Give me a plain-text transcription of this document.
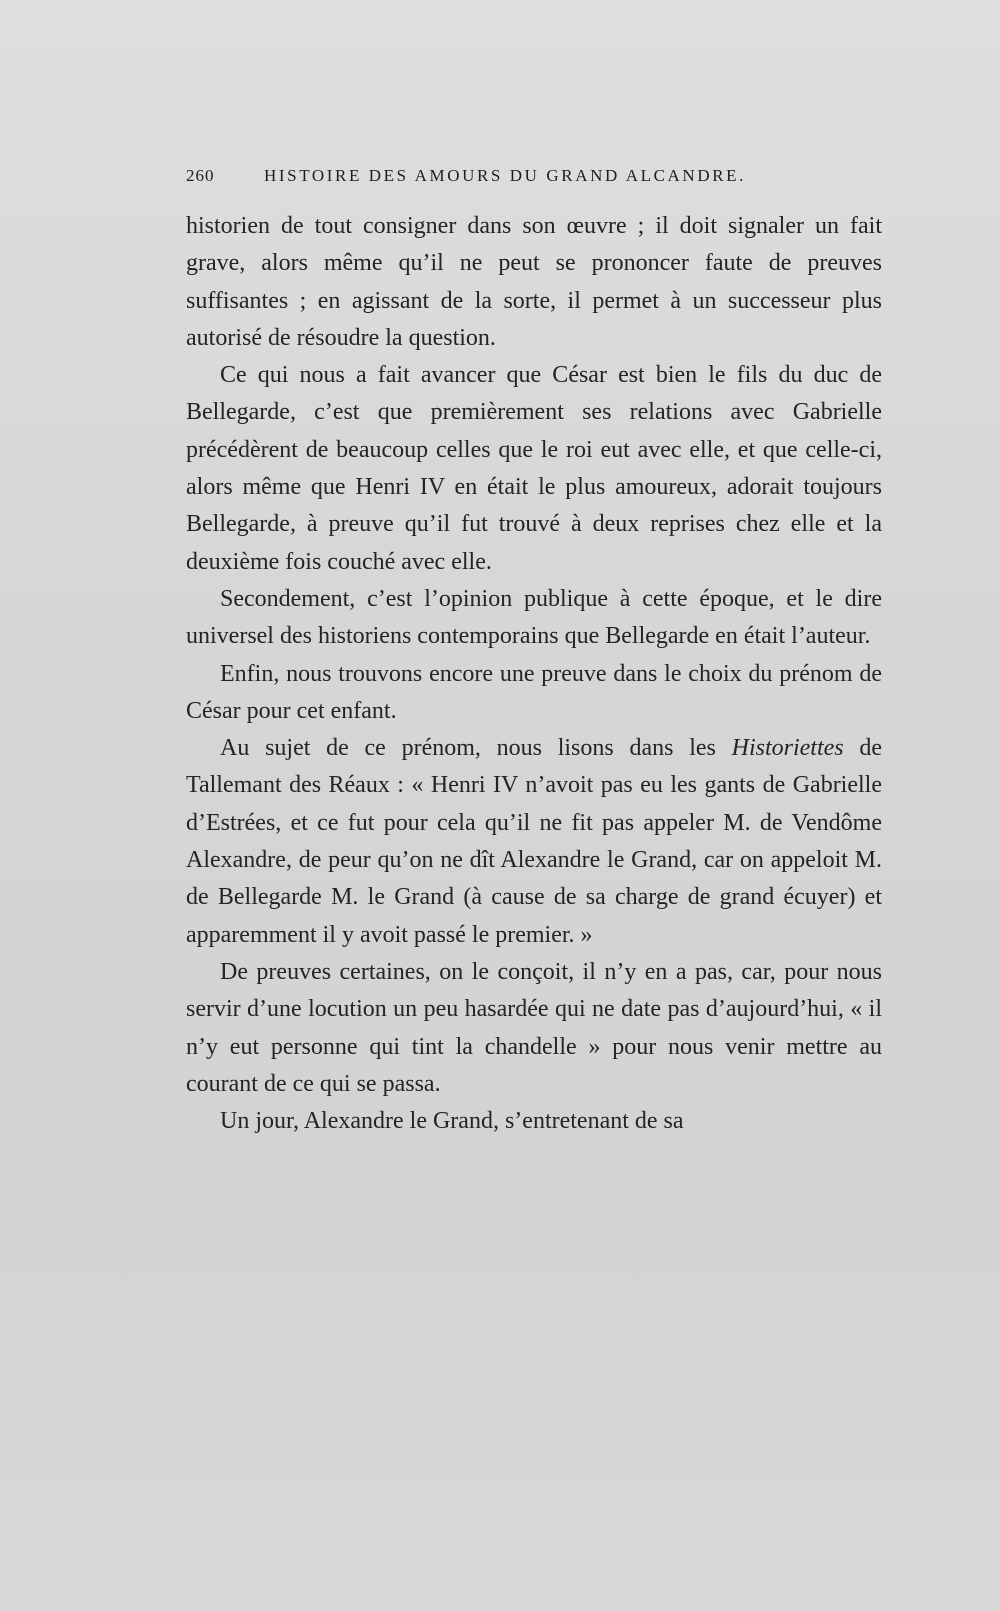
260	HISTOIRE DES AMOURS DU GRAND ALCANDRE.

historien de tout consigner dans son œuvre ; il doit signaler un fait grave, alors même qu’il ne peut se prononcer faute de preuves suffisantes ; en agissant de la sorte, il permet à un successeur plus autorisé de résoudre la question.

Ce qui nous a fait avancer que César est bien le fils du duc de Bellegarde, c’est que premièrement ses relations avec Gabrielle précédèrent de beaucoup celles que le roi eut avec elle, et que celle-ci, alors même que Henri IV en était le plus amoureux, adorait toujours Bellegarde, à preuve qu’il fut trouvé à deux reprises chez elle et la deuxième fois couché avec elle.

Secondement, c’est l’opinion publique à cette époque, et le dire universel des historiens contemporains que Bellegarde en était l’auteur.

Enfin, nous trouvons encore une preuve dans le choix du prénom de César pour cet enfant.

Au sujet de ce prénom, nous lisons dans les Historiettes de Tallemant des Réaux : « Henri IV n’avoit pas eu les gants de Gabrielle d’Estrées, et ce fut pour cela qu’il ne fit pas appeler M. de Vendôme Alexandre, de peur qu’on ne dît Alexandre le Grand, car on appeloit M. de Bellegarde M. le Grand (à cause de sa charge de grand écuyer) et apparemment il y avoit passé le premier. »

De preuves certaines, on le conçoit, il n’y en a pas, car, pour nous servir d’une locution un peu hasardée qui ne date pas d’aujourd’hui, « il n’y eut personne qui tint la chandelle » pour nous venir mettre au courant de ce qui se passa.

Un jour, Alexandre le Grand, s’entretenant de sa
